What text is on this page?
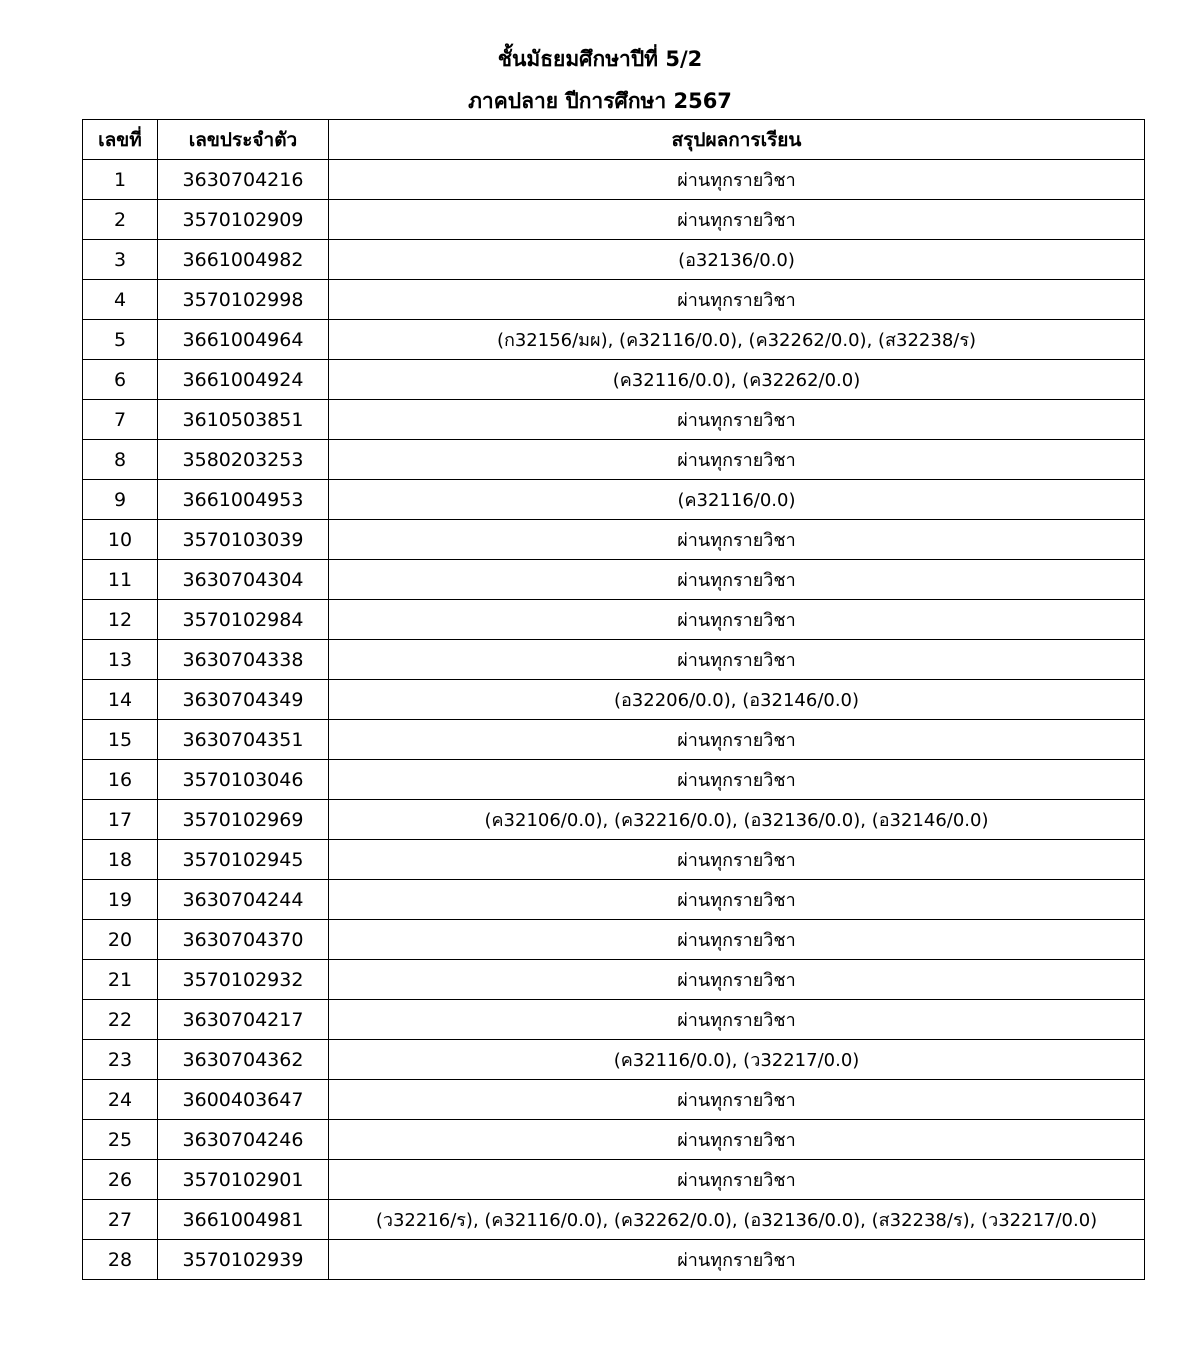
ชั้นมัธยมศึกษาปีที่ 5/2
ภาคปลาย ปีการศึกษา 2567
เลขที่	เลขประจำตัว	สรุปผลการเรียน
1	3630704216	ผ่านทุกรายวิชา
2	3570102909	ผ่านทุกรายวิชา
3	3661004982	(อ32136/0.0)
4	3570102998	ผ่านทุกรายวิชา
5	3661004964	(ก32156/มผ), (ค32116/0.0), (ค32262/0.0), (ส32238/ร)
6	3661004924	(ค32116/0.0), (ค32262/0.0)
7	3610503851	ผ่านทุกรายวิชา
8	3580203253	ผ่านทุกรายวิชา
9	3661004953	(ค32116/0.0)
10	3570103039	ผ่านทุกรายวิชา
11	3630704304	ผ่านทุกรายวิชา
12	3570102984	ผ่านทุกรายวิชา
13	3630704338	ผ่านทุกรายวิชา
14	3630704349	(อ32206/0.0), (อ32146/0.0)
15	3630704351	ผ่านทุกรายวิชา
16	3570103046	ผ่านทุกรายวิชา
17	3570102969	(ค32106/0.0), (ค32216/0.0), (อ32136/0.0), (อ32146/0.0)
18	3570102945	ผ่านทุกรายวิชา
19	3630704244	ผ่านทุกรายวิชา
20	3630704370	ผ่านทุกรายวิชา
21	3570102932	ผ่านทุกรายวิชา
22	3630704217	ผ่านทุกรายวิชา
23	3630704362	(ค32116/0.0), (ว32217/0.0)
24	3600403647	ผ่านทุกรายวิชา
25	3630704246	ผ่านทุกรายวิชา
26	3570102901	ผ่านทุกรายวิชา
27	3661004981	(ว32216/ร), (ค32116/0.0), (ค32262/0.0), (อ32136/0.0), (ส32238/ร), (ว32217/0.0)
28	3570102939	ผ่านทุกรายวิชา
